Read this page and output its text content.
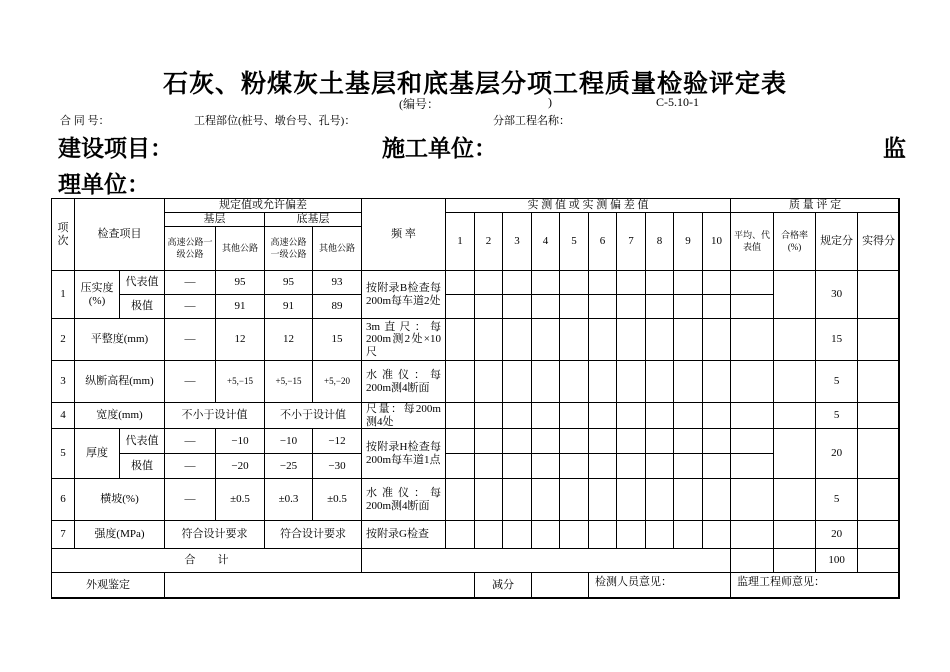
石灰、粉煤灰土基层和底基层分项工程质量检验评定表
(编号：	)	C-5.10-1
合 同 号：	工程部位(桩号、墩台号、孔号)：	分部工程名称：
建设项目：	施工单位：	监
理单位：
项次	检查项目		规定值或允许偏差				频 率	实 测 值 或 实 测 偏 差 值										质 量 评 定			
			基层		底基层			1	2	3	4	5	6	7	8	9	10	平均、代表值	合格率(%)	规定分	实得分
			高速公路一级公路	其他公路	高速公路一级公路	其他公路															

1	压实度(%)	代表值	—	95	95	93	按附录B检查每200m每车道2处													30	
		极值	—	91	91	89															
2	平整度(mm)		—	12	12	15	3m直尺：每200m测2处×10尺													15	
3	纵断高程(mm)		—	+5,−15	+5,−15	+5,−20	水准仪：每200m测4断面													5	
4	宽度(mm)		不小于设计值		不小于设计值		尺量：每200m测4处													5	
5	厚度	代表值	—	−10	−10	−12	按附录H检查每200m每车道1点													20	
		极值	—	−20	−25	−30															
6	横坡(%)		—	±0.5	±0.3	±0.5	水准仪：每200m测4断面													5	
7	强度(MPa)		符合设计要求		符合设计要求		按附录G检查													20	
合　　计																				100	
外观鉴定									减分				检测人员意见：					监理工程师意见：			
